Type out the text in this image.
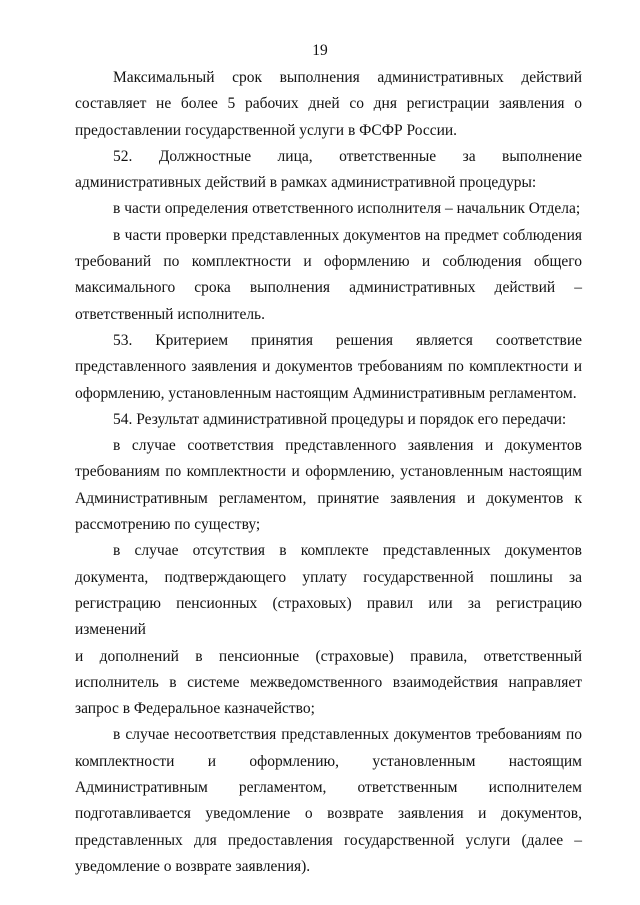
19

Максимальный срок выполнения административных действий
составляет не более 5 рабочих дней со дня регистрации заявления о
предоставлении государственной услуги в ФСФР России.

52. Должностные лица, ответственные за выполнение
административных действий в рамках административной процедуры:

в части определения ответственного исполнителя – начальник Отдела;

в части проверки представленных документов на предмет соблюдения
требований по комплектности и оформлению и соблюдения общего
максимального срока выполнения административных действий –
ответственный исполнитель.

53. Критерием принятия решения является соответствие
представленного заявления и документов требованиям по комплектности и
оформлению, установленным настоящим Административным регламентом.

54. Результат административной процедуры и порядок его передачи:

в случае соответствия представленного заявления и документов
требованиям по комплектности и оформлению, установленным настоящим
Административным регламентом, принятие заявления и документов к
рассмотрению по существу;

в случае отсутствия в комплекте представленных документов
документа, подтверждающего уплату государственной пошлины за
регистрацию пенсионных (страховых) правил или за регистрацию изменений
и дополнений в пенсионные (страховые) правила, ответственный
исполнитель в системе межведомственного взаимодействия направляет
запрос в Федеральное казначейство;

в случае несоответствия представленных документов требованиям по
комплектности и оформлению, установленным настоящим
Административным регламентом, ответственным исполнителем
подготавливается уведомление о возврате заявления и документов,
представленных для предоставления государственной услуги (далее –
уведомление о возврате заявления).
